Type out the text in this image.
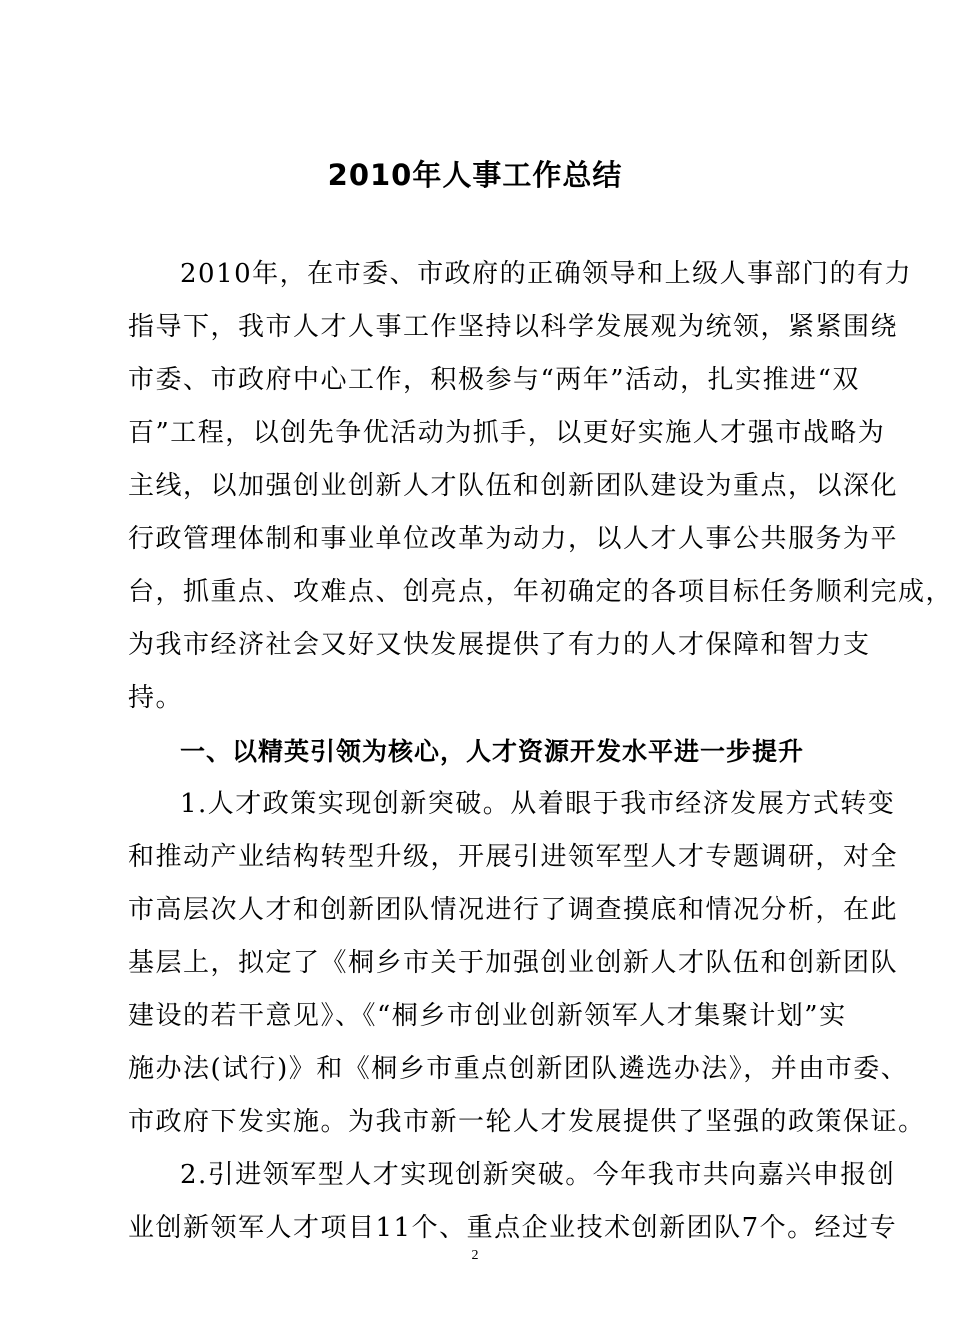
2010年人事工作总结
2010年，在市委、市政府的正确领导和上级人事部门的有力
指导下，我市人才人事工作坚持以科学发展观为统领，紧紧围绕
市委、市政府中心工作，积极参与“两年”活动，扎实推进“双
百”工程，以创先争优活动为抓手，以更好实施人才强市战略为
主线，以加强创业创新人才队伍和创新团队建设为重点，以深化
行政管理体制和事业单位改革为动力，以人才人事公共服务为平
台，抓重点、攻难点、创亮点，年初确定的各项目标任务顺利完成，
为我市经济社会又好又快发展提供了有力的人才保障和智力支
持。
一、以精英引领为核心，人才资源开发水平进一步提升
1.人才政策实现创新突破。从着眼于我市经济发展方式转变
和推动产业结构转型升级，开展引进领军型人才专题调研，对全
市高层次人才和创新团队情况进行了调查摸底和情况分析，在此
基层上，拟定了《桐乡市关于加强创业创新人才队伍和创新团队
建设的若干意见》、《“桐乡市创业创新领军人才集聚计划”实
施办法(试行)》和《桐乡市重点创新团队遴选办法》，并由市委、
市政府下发实施。为我市新一轮人才发展提供了坚强的政策保证。
2.引进领军型人才实现创新突破。今年我市共向嘉兴申报创
业创新领军人才项目11个、重点企业技术创新团队7个。经过专
2
